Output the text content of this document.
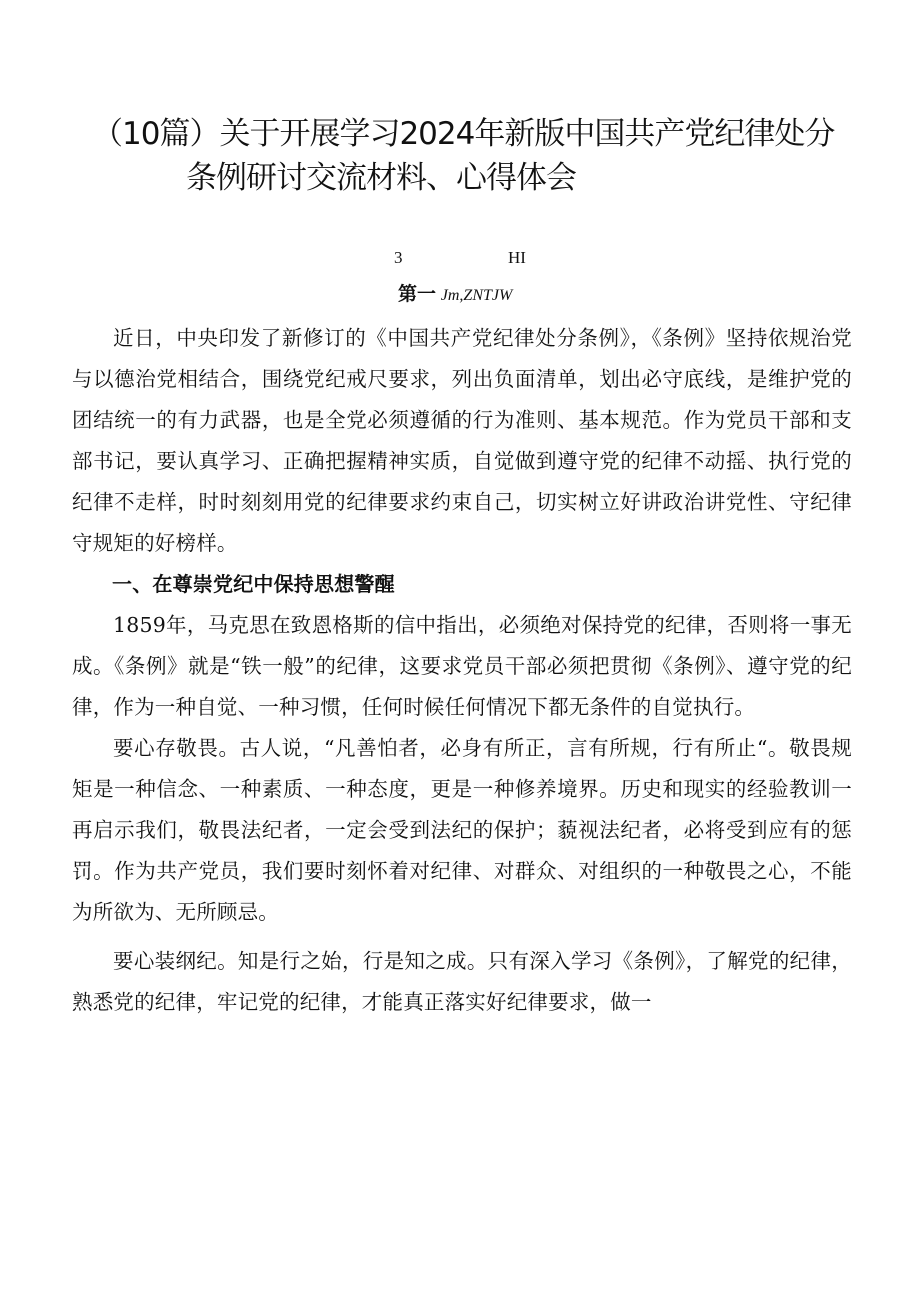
（10篇）关于开展学习2024年新版中国共产党纪律处分
条例研讨交流材料、心得体会
3	HI
第一 Jm,ZNTJW

近日，中央印发了新修订的《中国共产党纪律处分条例》，《条例》坚持依规治党与以德治党相结合，围绕党纪戒尺要求，列出负面清单，划出必守底线，是维护党的团结统一的有力武器，也是全党必须遵循的行为准则、基本规范。作为党员干部和支部书记，要认真学习、正确把握精神实质，自觉做到遵守党的纪律不动摇、执行党的纪律不走样，时时刻刻用党的纪律要求约束自己，切实树立好讲政治讲党性、守纪律守规矩的好榜样。

一、在尊崇党纪中保持思想警醒

1859年，马克思在致恩格斯的信中指出，必须绝对保持党的纪律，否则将一事无成。《条例》就是“铁一般”的纪律，这要求党员干部必须把贯彻《条例》、遵守党的纪律，作为一种自觉、一种习惯，任何时候任何情况下都无条件的自觉执行。

要心存敬畏。古人说，“凡善怕者，必身有所正，言有所规，行有所止“。敬畏规矩是一种信念、一种素质、一种态度，更是一种修养境界。历史和现实的经验教训一再启示我们，敬畏法纪者，一定会受到法纪的保护；藐视法纪者，必将受到应有的惩罚。作为共产党员，我们要时刻怀着对纪律、对群众、对组织的一种敬畏之心，不能为所欲为、无所顾忌。

要心装纲纪。知是行之始，行是知之成。只有深入学习《条例》，了解党的纪律，熟悉党的纪律，牢记党的纪律，才能真正落实好纪律要求，做一
